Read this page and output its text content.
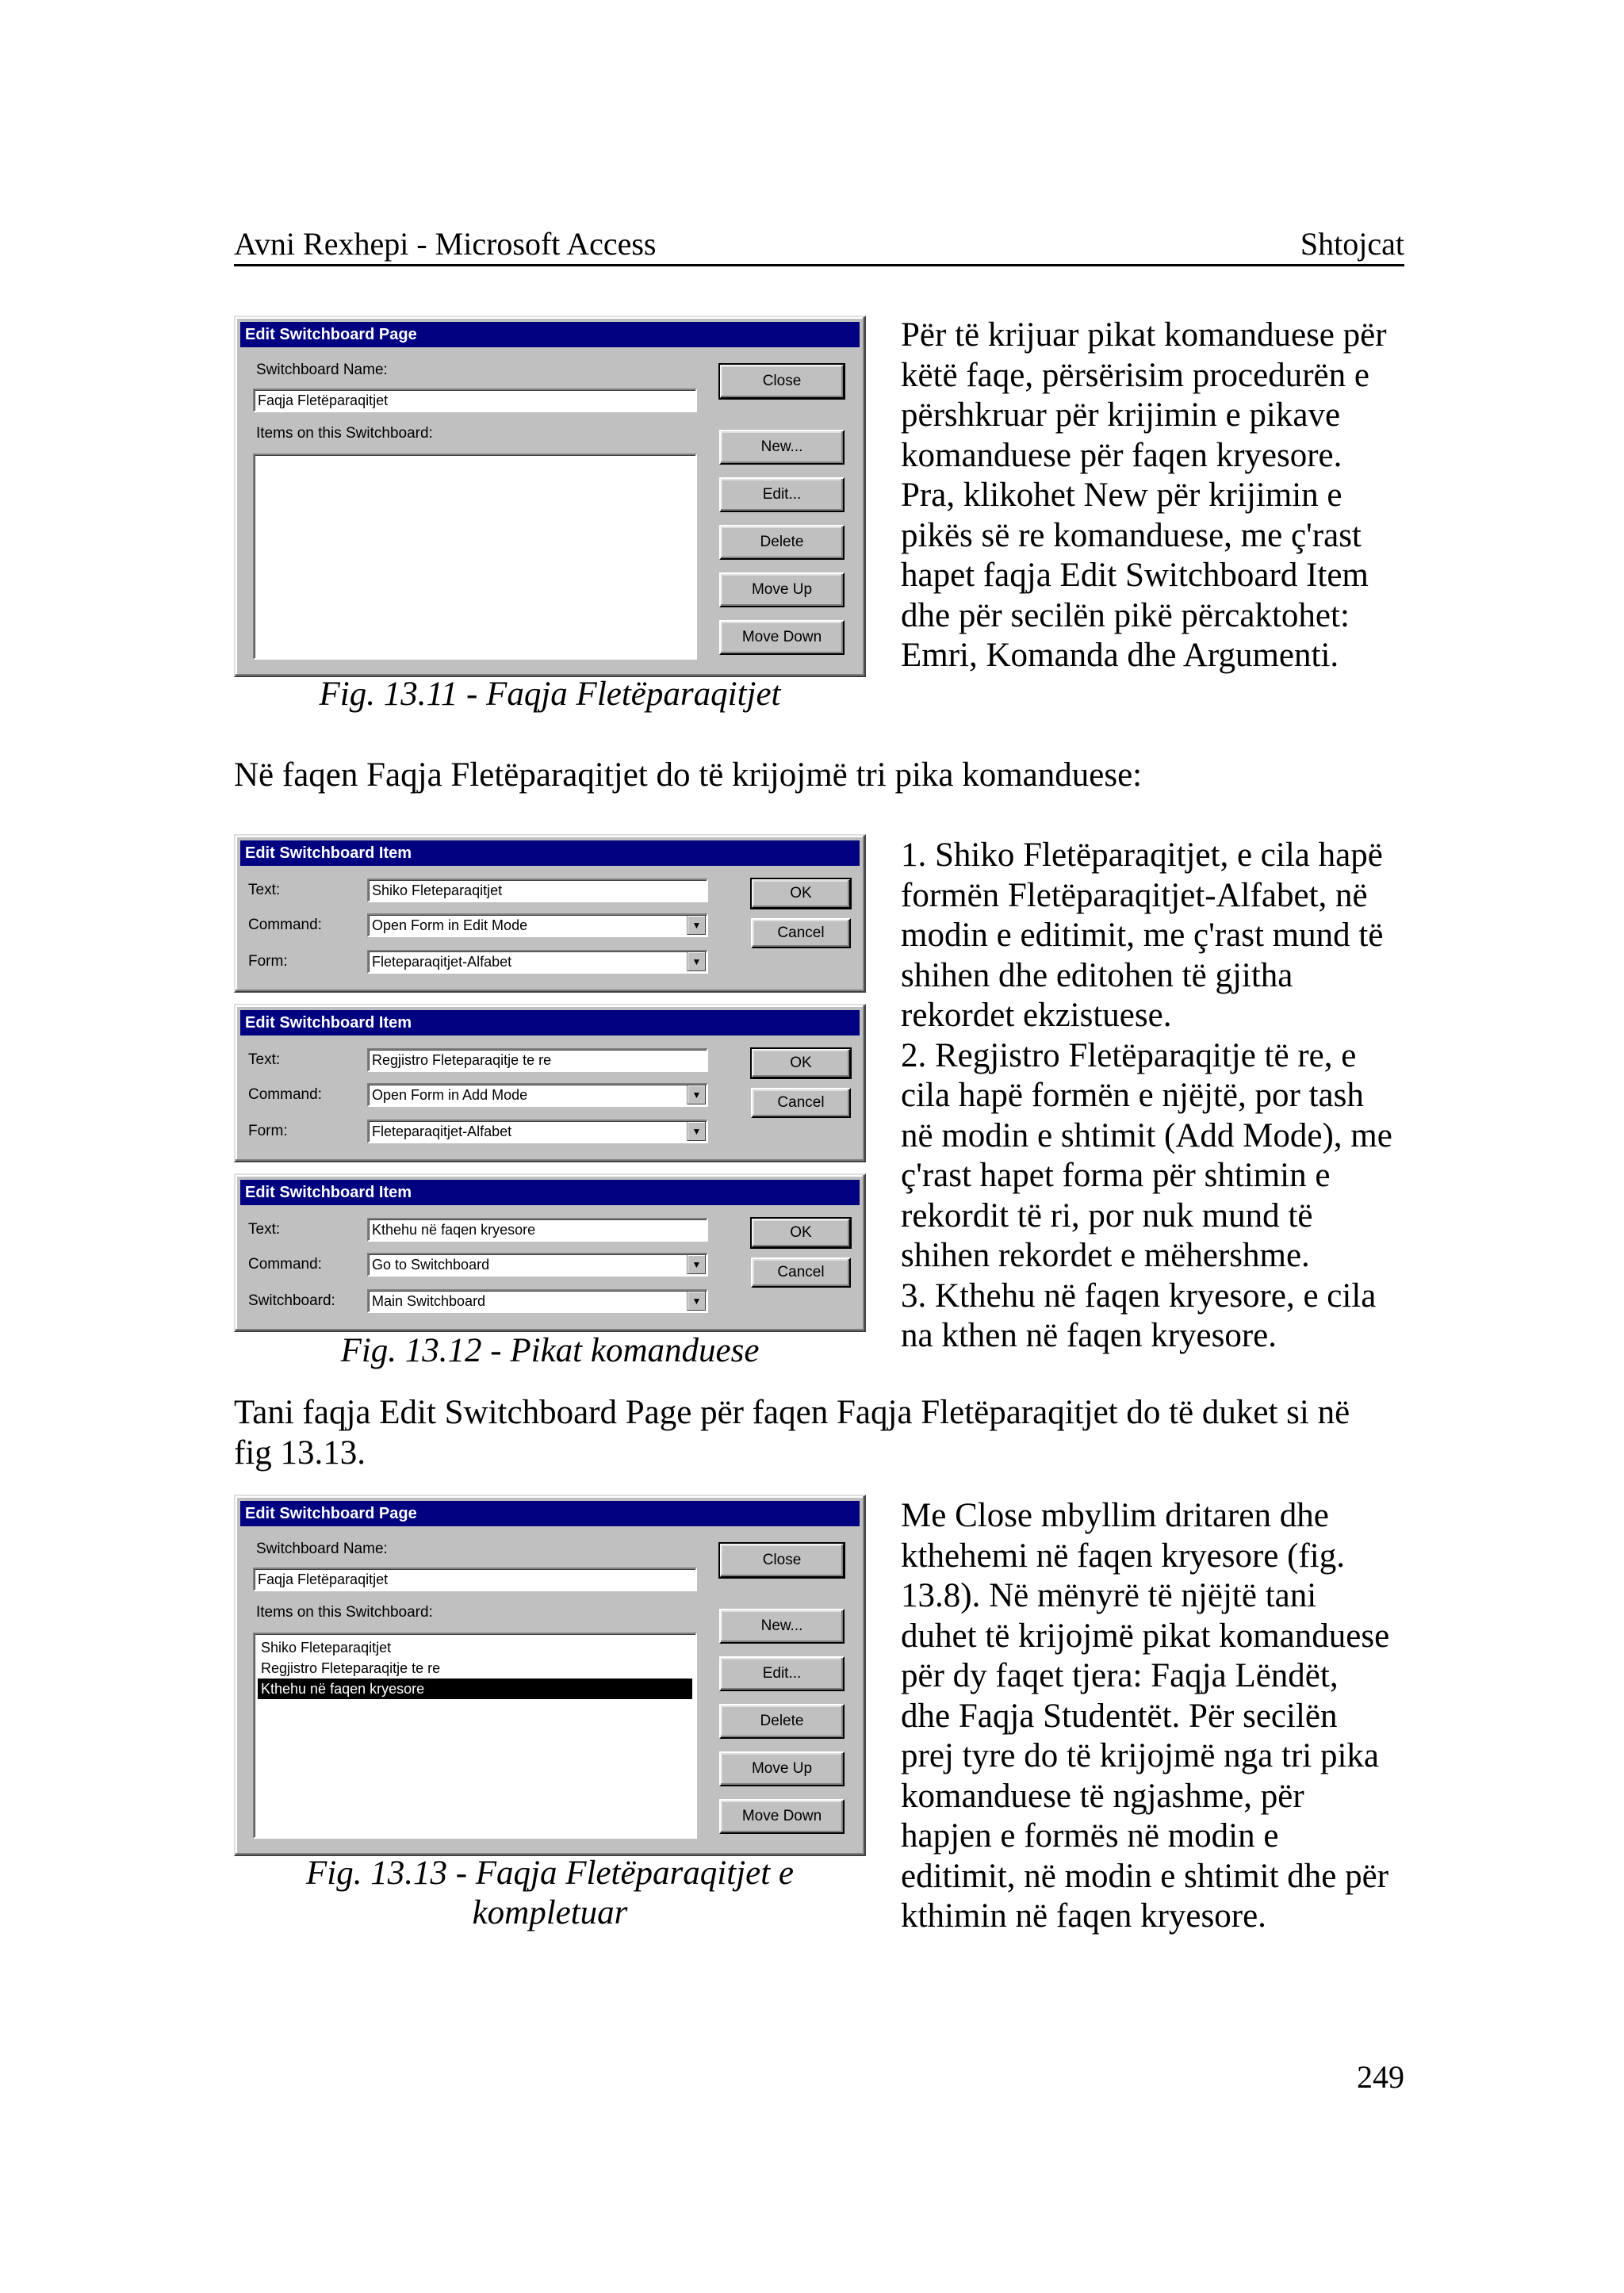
Avni Rexhepi - Microsoft Access	Shtojcat
Edit Switchboard Page
Switchboard Name:
Faqja Fletëparaqitjet
Items on this Switchboard:
Close
New...
Edit...
Delete
Move Up
Move Down
Fig. 13.11 - Faqja Fletëparaqitjet

Për të krijuar pikat komanduese për

këtë faqe, përsërisim procedurën e

përshkruar për krijimin e pikave

komanduese për faqen kryesore.

Pra, klikohet New për krijimin e

pikës së re komanduese, me ç'rast

hapet faqja Edit Switchboard Item

dhe për secilën pikë përcaktohet:

Emri, Komanda dhe Argumenti.

Në faqen Faqja Fletëparaqitjet do të krijojmë tri pika komanduese:
Edit Switchboard Item
Text:	Shiko Fleteparaqitjet
Command:	Open Form in Edit Mode	▼
Form:	Fleteparaqitjet-Alfabet	▼
OK
Cancel
Edit Switchboard Item
Text:	Regjistro Fleteparaqitje te re
Command:	Open Form in Add Mode	▼
Form:	Fleteparaqitjet-Alfabet	▼
OK
Cancel
Edit Switchboard Item
Text:	Kthehu në faqen kryesore
Command:	Go to Switchboard	▼
Switchboard:	Main Switchboard	▼
OK
Cancel
Fig. 13.12 - Pikat komanduese

1. Shiko Fletëparaqitjet, e cila hapë

formën Fletëparaqitjet-Alfabet, në

modin e editimit, me ç'rast mund të

shihen dhe editohen të gjitha

rekordet ekzistuese.

2. Regjistro Fletëparaqitje të re, e

cila hapë formën e njëjtë, por tash

në modin e shtimit (Add Mode), me

ç'rast hapet forma për shtimin e

rekordit të ri, por nuk mund të

shihen rekordet e mëhershme.

3. Kthehu në faqen kryesore, e cila

na kthen në faqen kryesore.

Tani faqja Edit Switchboard Page për faqen Faqja Fletëparaqitjet do të duket si në

fig 13.13.

Edit Switchboard Page
Switchboard Name:
Faqja Fletëparaqitjet
Items on this Switchboard:
Shiko Fleteparaqitjet
Regjistro Fleteparaqitje te re
Kthehu në faqen kryesore
Close
New...
Edit...
Delete
Move Up
Move Down
Fig. 13.13 - Faqja Fletëparaqitjet e
kompletuar

Me Close mbyllim dritaren dhe

kthehemi në faqen kryesore (fig.

13.8). Në mënyrë të njëjtë tani

duhet të krijojmë pikat komanduese

për dy faqet tjera: Faqja Lëndët,

dhe Faqja Studentët. Për secilën

prej tyre do të krijojmë nga tri pika

komanduese të ngjashme, për

hapjen e formës në modin e

editimit, në modin e shtimit dhe për

kthimin në faqen kryesore.

249
